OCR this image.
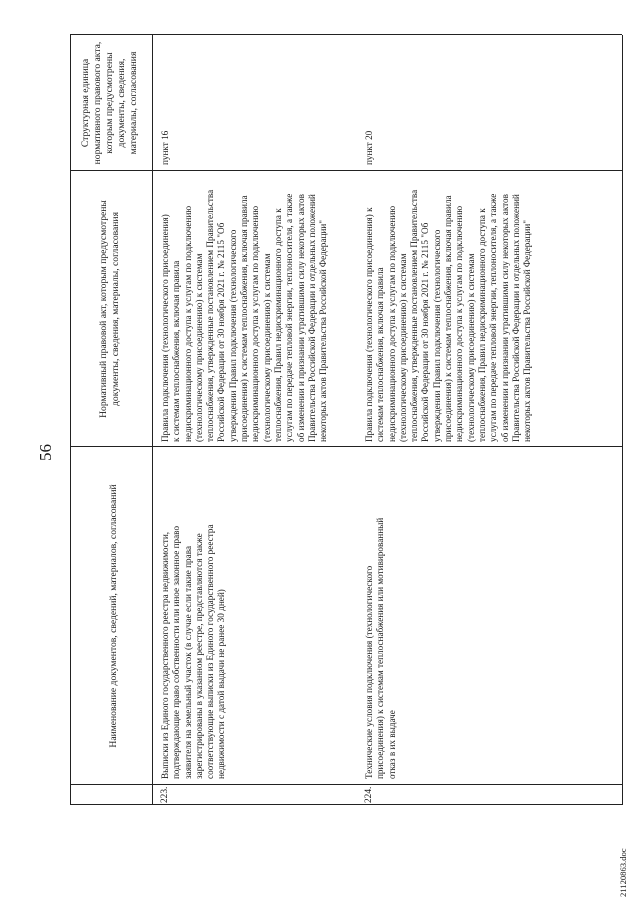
56
Наименование документов, сведений, материалов, согласований
Нормативный правовой акт, которым предусмотрены документы, сведения, материалы, согласования
Структурная единица нормативного правового акта, которым предусмотрены документы, сведения, материалы, согласования
223.
Выписки из Единого государственного реестра недвижимости, подтверждающие право собственности или иное законное право заявителя на земельный участок (в случае если такие права зарегистрированы в указанном реестре, представляются также соответствующие выписки из Единого государственного реестра недвижимости с датой выдачи не ранее 30 дней)
Правила подключения (технологического присоединения) к системам теплоснабжения, включая правила недискриминационного доступа к услугам по подключению (технологическому присоединению) к системам теплоснабжения, утвержденные постановлением Правительства Российской Федерации от 30 ноября 2021 г. № 2115 "Об утверждении Правил подключения (технологического присоединения) к системам теплоснабжения, включая правила недискриминационного доступа к услугам по подключению (технологическому присоединению) к системам теплоснабжения, Правил недискриминационного доступа к услугам по передаче тепловой энергии, теплоносителя, а также об изменении и признании утратившими силу некоторых актов Правительства Российской Федерации и отдельных положений некоторых актов Правительства Российской Федерации"
пункт 16
224.
Технические условия подключения (технологического присоединения) к системам теплоснабжения или мотивированный отказ в их выдаче
Правила подключения (технологического присоединения) к системам теплоснабжения, включая правила недискриминационного доступа к услугам по подключению (технологическому присоединению) к системам теплоснабжения, утвержденные постановлением Правительства Российской Федерации от 30 ноября 2021 г. № 2115 "Об утверждении Правил подключения (технологического присоединения) к системам теплоснабжения, включая правила недискриминационного доступа к услугам по подключению (технологическому присоединению) к системам теплоснабжения, Правил недискриминационного доступа к услугам по передаче тепловой энергии, теплоносителя, а также об изменении и признании утратившими силу некоторых актов Правительства Российской Федерации и отдельных положений некоторых актов Правительства Российской Федерации"
пункт 20
21120863.doc
